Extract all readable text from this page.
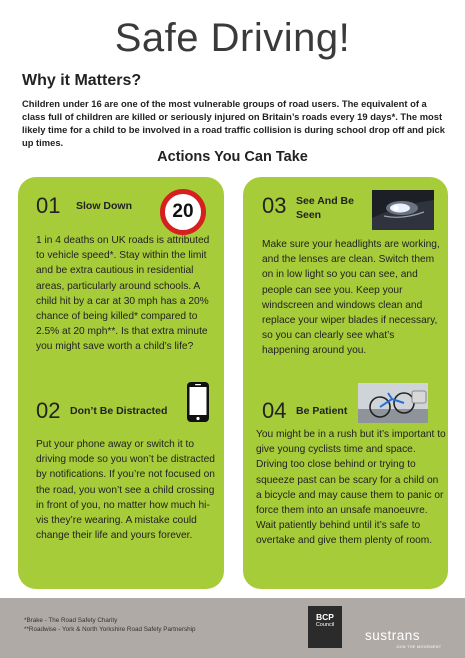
Safe Driving!
Why it Matters?
Children under 16 are one of the most vulnerable groups of road users. The equivalent of a class full of children are killed or seriously injured on Britain’s roads every 19 days*. The most likely time for a child to be involved in a road traffic collision is during school drop off and pick up times.
Actions You Can Take
01 Slow Down 20
1 in 4 deaths on UK roads is attributed to vehicle speed*. Stay within the limit and be extra cautious in residential areas, particularly around schools. A child hit by a car at 30 mph has a 20% chance of being killed* compared to 2.5% at 20 mph**. Is that extra minute you might save worth a child’s life?
02 Don’t Be Distracted
Put your phone away or switch it to driving mode so you won’t be distracted by notifications. If you’re not focused on the road, you won’t see a child crossing in front of you, no matter how much hi-vis they’re wearing. A mistake could change their life and yours forever.
03 See And Be Seen
Make sure your headlights are working, and the lenses are clean. Switch them on in low light so you can see, and people can see you. Keep your windscreen and windows clean and replace your wiper blades if necessary, so you can clearly see what’s happening around you.
04 Be Patient
You might be in a rush but it’s important to give young cyclists time and space. Driving too close behind or trying to squeeze past can be scary for a child on a bicycle and may cause them to panic or force them into an unsafe manoeuvre.
Wait patiently behind until it’s safe to overtake and give them plenty of room.
*Brake - The Road Safety Charity
**Roadwise - York & North Yorkshire Road Safety Partnership
BCP
Council
sustrans
JOIN THE MOVEMENT
